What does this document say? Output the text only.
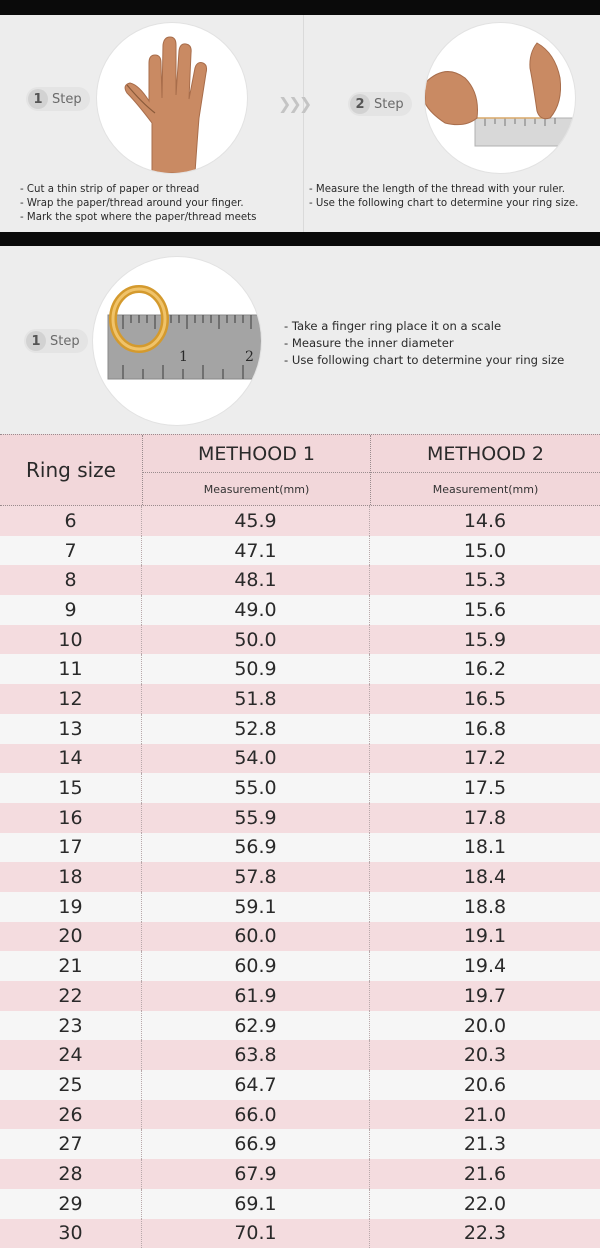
1 Step	❯❯❯	2 Step
- Cut a thin strip of paper or thread
- Wrap the paper/thread around your finger.
- Mark the spot where the paper/thread meets
- Measure the length of the thread with your ruler.
- Use the following chart to determine your ring size.
1	2
1 Step
- Take a finger ring place it on a scale
- Measure the inner diameter
- Use following chart to determine your ring size
Ring size
METHOOD 1
Measurement(mm)
METHOOD 2
Measurement(mm)
6	45.9	14.6
7	47.1	15.0
8	48.1	15.3
9	49.0	15.6
10	50.0	15.9
11	50.9	16.2
12	51.8	16.5
13	52.8	16.8
14	54.0	17.2
15	55.0	17.5
16	55.9	17.8
17	56.9	18.1
18	57.8	18.4
19	59.1	18.8
20	60.0	19.1
21	60.9	19.4
22	61.9	19.7
23	62.9	20.0
24	63.8	20.3
25	64.7	20.6
26	66.0	21.0
27	66.9	21.3
28	67.9	21.6
29	69.1	22.0
30	70.1	22.3
